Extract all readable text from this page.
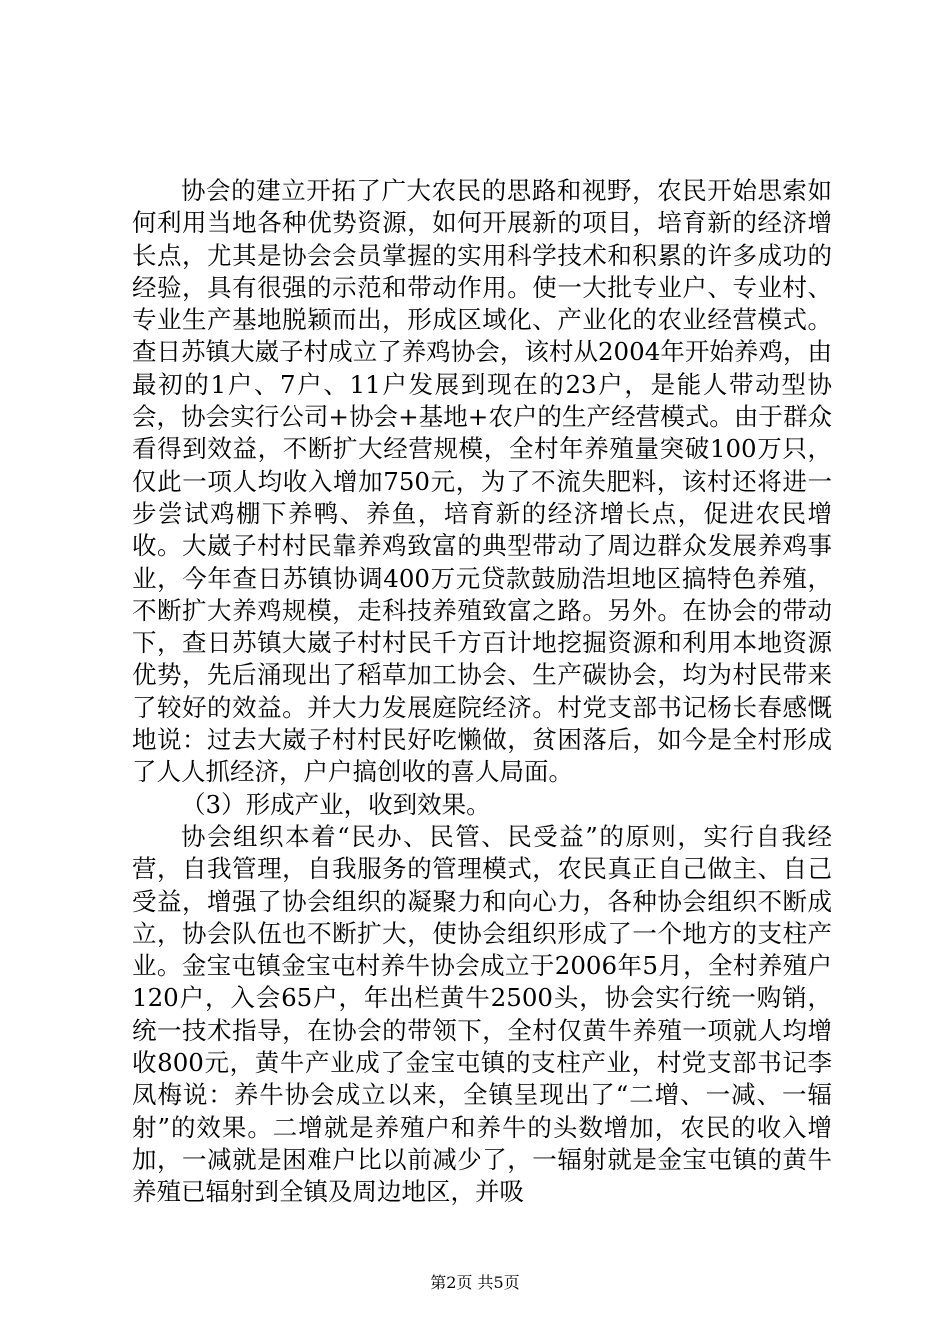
协会的建立开拓了广大农民的思路和视野，农民开始思索如何利用当地各种优势资源，如何开展新的项目，培育新的经济增长点，尤其是协会会员掌握的实用科学技术和积累的许多成功的经验，具有很强的示范和带动作用。使一大批专业户、专业村、专业生产基地脱颖而出，形成区域化、产业化的农业经营模式。查日苏镇大崴子村成立了养鸡协会，该村从2004年开始养鸡，由最初的1户、7户、11户发展到现在的23户，是能人带动型协会，协会实行公司+协会+基地+农户的生产经营模式。由于群众看得到效益，不断扩大经营规模，全村年养殖量突破100万只，仅此一项人均收入增加750元，为了不流失肥料，该村还将进一步尝试鸡棚下养鸭、养鱼，培育新的经济增长点，促进农民增收。大崴子村村民靠养鸡致富的典型带动了周边群众发展养鸡事业，今年查日苏镇协调400万元贷款鼓励浩坦地区搞特色养殖，不断扩大养鸡规模，走科技养殖致富之路。另外。在协会的带动下，查日苏镇大崴子村村民千方百计地挖掘资源和利用本地资源优势，先后涌现出了稻草加工协会、生产碳协会，均为村民带来了较好的效益。并大力发展庭院经济。村党支部书记杨长春感慨地说：过去大崴子村村民好吃懒做，贫困落后，如今是全村形成了人人抓经济，户户搞创收的喜人局面。

（3）形成产业，收到效果。

协会组织本着“民办、民管、民受益”的原则，实行自我经营，自我管理，自我服务的管理模式，农民真正自己做主、自己受益，增强了协会组织的凝聚力和向心力，各种协会组织不断成立，协会队伍也不断扩大，使协会组织形成了一个地方的支柱产业。金宝屯镇金宝屯村养牛协会成立于2006年5月，全村养殖户120户，入会65户，年出栏黄牛2500头，协会实行统一购销，统一技术指导，在协会的带领下，全村仅黄牛养殖一项就人均增收800元，黄牛产业成了金宝屯镇的支柱产业，村党支部书记李凤梅说：养牛协会成立以来，全镇呈现出了“二增、一减、一辐射”的效果。二增就是养殖户和养牛的头数增加，农民的收入增加，一减就是困难户比以前减少了，一辐射就是金宝屯镇的黄牛养殖已辐射到全镇及周边地区，并吸

第2页 共5页
